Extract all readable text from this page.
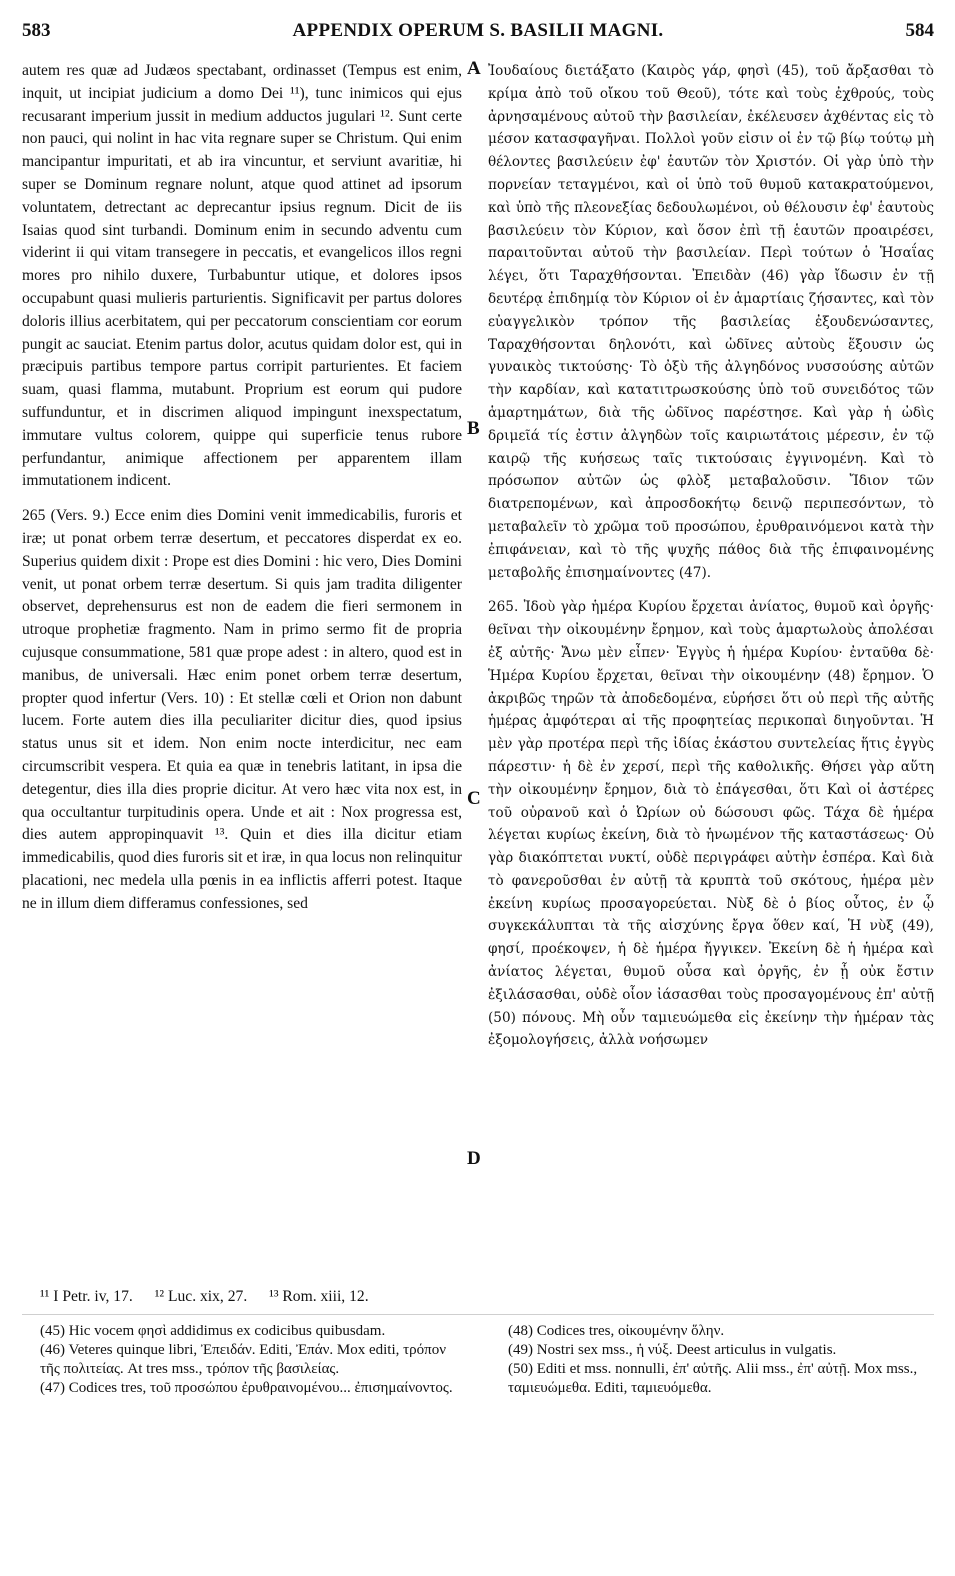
583	APPENDIX OPERUM S. BASILII MAGNI.	584

autem res quæ ad Judæos spectabant, ordinasset (Tempus est enim, inquit, ut incipiat judicium a domo Dei ¹¹), tunc inimicos qui ejus recusarant imperium jussit in medium adductos jugulari ¹². Sunt certe non pauci, qui nolint in hac vita regnare super se Christum. Qui enim mancipantur impuritati, et ab ira vincuntur, et serviunt avaritiæ, hi super se Dominum regnare nolunt, atque quod attinet ad ipsorum voluntatem, detrectant ac deprecantur ipsius regnum. Dicit de iis Isaias quod sint turbandi. Dominum enim in secundo adventu cum viderint ii qui vitam transegere in peccatis, et evangelicos illos regni mores pro nihilo duxere, Turbabuntur utique, et dolores ipsos occupabunt quasi mulieris parturientis. Significavit per partus dolores doloris illius acerbitatem, qui per peccatorum conscientiam cor eorum pungit ac sauciat. Etenim partus dolor, acutus quidam dolor est, qui in præcipuis partibus tempore partus corripit parturientes. Et faciem suam, quasi flamma, mutabunt. Proprium est eorum qui pudore suffunduntur, et in discrimen aliquod impingunt inexspectatum, immutare vultus colorem, quippe qui superficie tenus rubore perfundantur, animique affectionem per apparentem illam immutationem indicent.

265 (Vers. 9.) Ecce enim dies Domini venit immedicabilis, furoris et iræ; ut ponat orbem terræ desertum, et peccatores disperdat ex eo. Superius quidem dixit : Prope est dies Domini : hic vero, Dies Domini venit, ut ponat orbem terræ desertum. Si quis jam tradita diligenter observet, deprehensurus est non de eadem die fieri sermonem in utroque prophetiæ fragmento. Nam in primo sermo fit de propria cujusque consummatione, 581 quæ prope adest : in altero, quod est in manibus, de universali. Hæc enim ponet orbem terræ desertum, propter quod infertur (Vers. 10) : Et stellæ cœli et Orion non dabunt lucem. Forte autem dies illa peculiariter dicitur dies, quod ipsius status unus sit et idem. Non enim nocte interdicitur, nec eam circumscribit vespera. Et quia ea quæ in tenebris latitant, in ipsa die detegentur, dies illa dies proprie dicitur. At vero hæc vita nox est, in qua occultantur turpitudinis opera. Unde et ait : Nox progressa est, dies autem appropinquavit ¹³. Quin et dies illa dicitur etiam immedicabilis, quod dies furoris sit et iræ, in qua locus non relinquitur placationi, nec medela ulla pœnis in ea inflictis afferri potest. Itaque ne in illum diem differamus confessiones, sed

Ἰουδαίους διετάξατο (Καιρὸς γάρ, φησὶ (45), τοῦ ἄρξασθαι τὸ κρίμα ἀπὸ τοῦ οἴκου τοῦ Θεοῦ), τότε καὶ τοὺς ἐχθρούς, τοὺς ἀρνησαμένους αὐτοῦ τὴν βασιλείαν, ἐκέλευσεν ἀχθέντας εἰς τὸ μέσον κατασφαγῆναι. Πολλοὶ γοῦν εἰσιν οἱ ἐν τῷ βίῳ τούτῳ μὴ θέλοντες βασιλεύειν ἐφ' ἑαυτῶν τὸν Χριστόν. Οἱ γὰρ ὑπὸ τὴν πορνείαν τεταγμένοι, καὶ οἱ ὑπὸ τοῦ θυμοῦ κατακρατούμενοι, καὶ ὑπὸ τῆς πλεονεξίας δεδουλωμένοι, οὐ θέλουσιν ἐφ' ἑαυτοὺς βασιλεύειν τὸν Κύριον, καὶ ὅσον ἐπὶ τῇ ἑαυτῶν προαιρέσει, παραιτοῦνται αὐτοῦ τὴν βασιλείαν. Περὶ τούτων ὁ Ἡσαΐας λέγει, ὅτι Ταραχθήσονται. Ἐπειδὰν (46) γὰρ ἴδωσιν ἐν τῇ δευτέρᾳ ἐπιδημίᾳ τὸν Κύριον οἱ ἐν ἁμαρτίαις ζήσαντες, καὶ τὸν εὐαγγελικὸν τρόπον τῆς βασιλείας ἐξουδενώσαντες, Ταραχθήσονται δηλονότι, καὶ ὠδῖνες αὐτοὺς ἕξουσιν ὡς γυναικὸς τικτούσης· Τὸ ὀξὺ τῆς ἀλγηδόνος νυσσούσης αὐτῶν τὴν καρδίαν, καὶ κατατιτρωσκούσης ὑπὸ τοῦ συνειδότος τῶν ἁμαρτημάτων, διὰ τῆς ὠδῖνος παρέστησε. Καὶ γὰρ ἡ ὠδὶς δριμεῖά τίς ἐστιν ἀλγηδὼν τοῖς καιριωτάτοις μέρεσιν, ἐν τῷ καιρῷ τῆς κυήσεως ταῖς τικτούσαις ἐγγινομένη. Καὶ τὸ πρόσωπον αὐτῶν ὡς φλὸξ μεταβαλοῦσιν. Ἴδιον τῶν διατρεπομένων, καὶ ἀπροσδοκήτῳ δεινῷ περιπεσόντων, τὸ μεταβαλεῖν τὸ χρῶμα τοῦ προσώπου, ἐρυθραινόμενοι κατὰ τὴν ἐπιφάνειαν, καὶ τὸ τῆς ψυχῆς πάθος διὰ τῆς ἐπιφαινομένης μεταβολῆς ἐπισημαίνοντες (47).

265. Ἰδοὺ γὰρ ἡμέρα Κυρίου ἔρχεται ἀνίατος, θυμοῦ καὶ ὀργῆς· θεῖναι τὴν οἰκουμένην ἔρημον, καὶ τοὺς ἁμαρτωλοὺς ἀπολέσαι ἐξ αὐτῆς· Ἄνω μὲν εἶπεν· Ἐγγὺς ἡ ἡμέρα Κυρίου· ἐνταῦθα δὲ· Ἡμέρα Κυρίου ἔρχεται, θεῖναι τὴν οἰκουμένην (48) ἔρημον. Ὁ ἀκριβῶς τηρῶν τὰ ἀποδεδομένα, εὑρήσει ὅτι οὐ περὶ τῆς αὐτῆς ἡμέρας ἀμφότεραι αἱ τῆς προφητείας περικοπαὶ διηγοῦνται. Ἡ μὲν γὰρ προτέρα περὶ τῆς ἰδίας ἑκάστου συντελείας ἥτις ἐγγὺς πάρεστιν· ἡ δὲ ἐν χερσί, περὶ τῆς καθολικῆς. Θήσει γὰρ αὕτη τὴν οἰκουμένην ἔρημον, διὰ τὸ ἐπάγεσθαι, ὅτι Καὶ οἱ ἀστέρες τοῦ οὐρανοῦ καὶ ὁ Ὠρίων οὐ δώσουσι φῶς. Τάχα δὲ ἡμέρα λέγεται κυρίως ἐκείνη, διὰ τὸ ἡνωμένον τῆς καταστάσεως· Οὐ γὰρ διακόπτεται νυκτί, οὐδὲ περιγράφει αὐτὴν ἑσπέρα. Καὶ διὰ τὸ φανεροῦσθαι ἐν αὐτῇ τὰ κρυπτὰ τοῦ σκότους, ἡμέρα μὲν ἐκείνη κυρίως προσαγορεύεται. Νὺξ δὲ ὁ βίος οὗτος, ἐν ᾧ συγκεκάλυπται τὰ τῆς αἰσχύνης ἔργα ὅθεν καί, Ἡ νὺξ (49), φησί, προέκοψεν, ἡ δὲ ἡμέρα ἤγγικεν. Ἐκείνη δὲ ἡ ἡμέρα καὶ ἀνίατος λέγεται, θυμοῦ οὖσα καὶ ὀργῆς, ἐν ᾗ οὐκ ἔστιν ἐξιλάσασθαι, οὐδὲ οἷον ἰάσασθαι τοὺς προσαγομένους ἐπ' αὐτῇ (50) πόνους. Μὴ οὖν ταμιευώμεθα εἰς ἐκείνην τὴν ἡμέραν τὰς ἐξομολογήσεις, ἀλλὰ νοήσωμεν

A
B
C
D
¹¹ I Petr. iv, 17. ¹² Luc. xix, 27. ¹³ Rom. xiii, 12.
(45) Hic vocem φησὶ addidimus ex codicibus quibusdam.
(46) Veteres quinque libri, Ἐπειδάν. Editi, Ἐπάν. Mox editi, τρόπον τῆς πολιτείας. At tres mss., τρόπον τῆς βασιλείας.
(47) Codices tres, τοῦ προσώπου ἐρυθραινομένου... ἐπισημαίνοντος.
(48) Codices tres, οἰκουμένην ὅλην.
(49) Nostri sex mss., ἡ νύξ. Deest articulus in vulgatis.
(50) Editi et mss. nonnulli, ἐπ' αὐτῆς. Alii mss., ἐπ' αὐτῇ. Mox mss., ταμιευώμεθα. Editi, ταμιευόμεθα.
